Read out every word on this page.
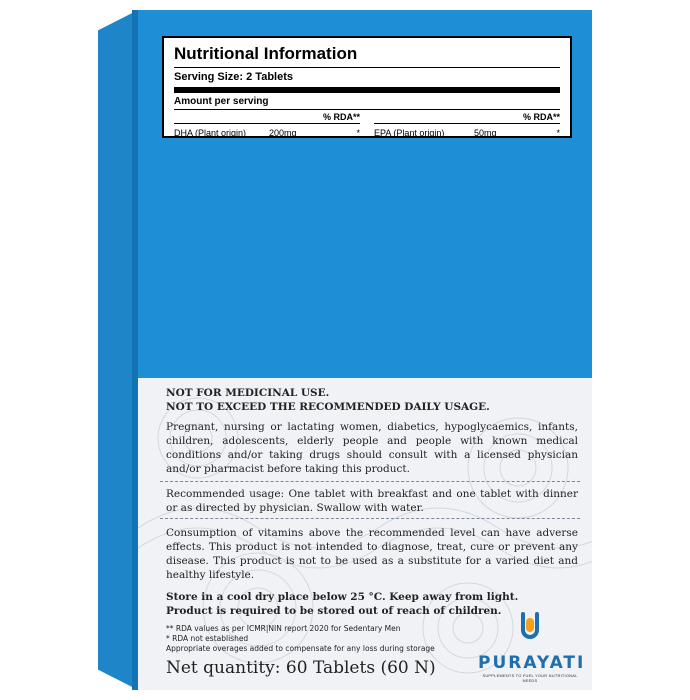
Nutritional Information
Serving Size: 2 Tablets
Amount per serving
% RDA**
DHA (Plant origin)	200mg	*
% RDA**
EPA (Plant origin)	50mg	*
NOT FOR MEDICINAL USE.
NOT TO EXCEED THE RECOMMENDED DAILY USAGE.
Pregnant, nursing or lactating women, diabetics, hypoglycaemics, infants, children, adolescents, elderly people and people with known medical conditions and/or taking drugs should consult with a licensed physician and/or pharmacist before taking this product.
Recommended usage: One tablet with breakfast and one tablet with dinner or as directed by physician. Swallow with water.
Consumption of vitamins above the recommended level can have adverse effects. This product is not intended to diagnose, treat, cure or prevent any disease. This product is not to be used as a substitute for a varied diet and healthy lifestyle.
Store in a cool dry place below 25 °C. Keep away from light.
Product is required to be stored out of reach of children.
** RDA values as per ICMR|NIN report 2020 for Sedentary Men
* RDA not established
Appropriate overages added to compensate for any loss during storage
Net quantity: 60 Tablets (60 N) PURAYATI
SUPPLEMENTS TO FUEL YOUR NUTRITIONAL NEEDS
